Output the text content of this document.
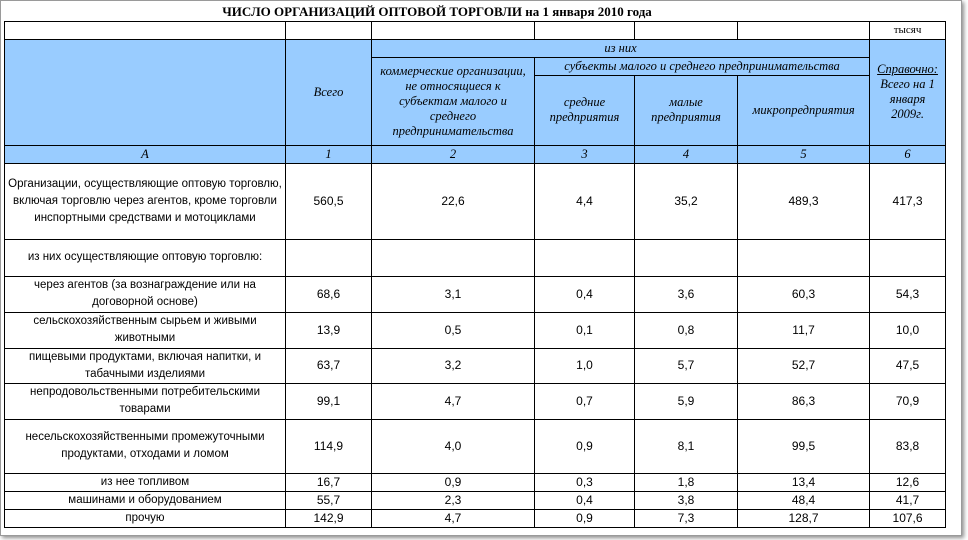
ЧИСЛО ОРГАНИЗАЦИЙ ОПТОВОЙ ТОРГОВЛИ на 1 января 2010 года						
						тысяч
	Всего	из них				Справочно:
Всего на 1 января 2009г.
		коммерческие организации, не относящиеся к субъектам малого и среднего предпринимательства	субъекты малого и среднего предпринимательства			
			средние предприятия	малые предприятия	микропредприятия	

А	1	2	3	4	5	6
Организации, осуществляющие оптовую торговлю, включая торговлю через агентов, кроме торговли инспортными средствами и мотоциклами	560,5	22,6	4,4	35,2	489,3	417,3
из них осуществляющие оптовую торговлю:						
через агентов (за вознаграждение или на договорной основе)	68,6	3,1	0,4	3,6	60,3	54,3
сельскохозяйственным сырьем и живыми животными	13,9	0,5	0,1	0,8	11,7	10,0
пищевыми продуктами, включая напитки, и табачными изделиями	63,7	3,2	1,0	5,7	52,7	47,5
непродовольственными потребительскими товарами	99,1	4,7	0,7	5,9	86,3	70,9
несельскохозяйственными промежуточными продуктами, отходами и ломом	114,9	4,0	0,9	8,1	99,5	83,8
из нее топливом	16,7	0,9	0,3	1,8	13,4	12,6
машинами и оборудованием	55,7	2,3	0,4	3,8	48,4	41,7
прочую	142,9	4,7	0,9	7,3	128,7	107,6
